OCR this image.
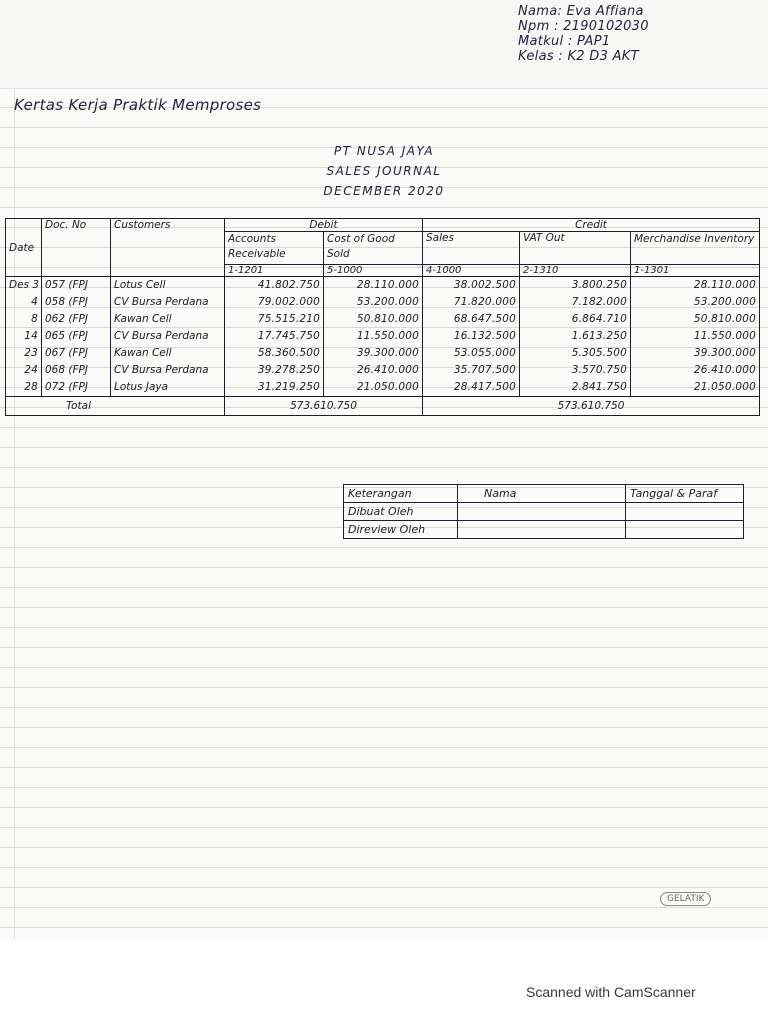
Nama: Eva Affiana
Npm : 2190102030
Matkul : PAP1
Kelas : K2 D3 AKT
Kertas Kerja Praktik Memproses
PT NUSA JAYA
SALES JOURNAL
DECEMBER 2020
Date	Doc. No	Customers	Debit		Credit		
			Accounts Receivable	Cost of Good Sold	Sales	VAT Out	Merchandise Inventory
			1-1201	5-1000	4-1000	2-1310	1-1301
Des 3	057 (FPJ	Lotus Cell	41.802.750	28.110.000	38.002.500	3.800.250	28.110.000
4	058 (FPJ	CV Bursa Perdana	79.002.000	53.200.000	71.820.000	7.182.000	53.200.000
8	062 (FPJ	Kawan Cell	75.515.210	50.810.000	68.647.500	6.864.710	50.810.000
14	065 (FPJ	CV Bursa Perdana	17.745.750	11.550.000	16.132.500	1.613.250	11.550.000
23	067 (FPJ	Kawan Cell	58.360.500	39.300.000	53.055.000	5.305.500	39.300.000
24	068 (FPJ	CV Bursa Perdana	39.278.250	26.410.000	35.707.500	3.570.750	26.410.000
28	072 (FPJ	Lotus Jaya	31.219.250	21.050.000	28.417.500	2.841.750	21.050.000
Total			573.610.750		573.610.750		
Keterangan	Nama	Tanggal & Paraf
Dibuat Oleh		
Direview Oleh		
GELATIK
Scanned with CamScanner
